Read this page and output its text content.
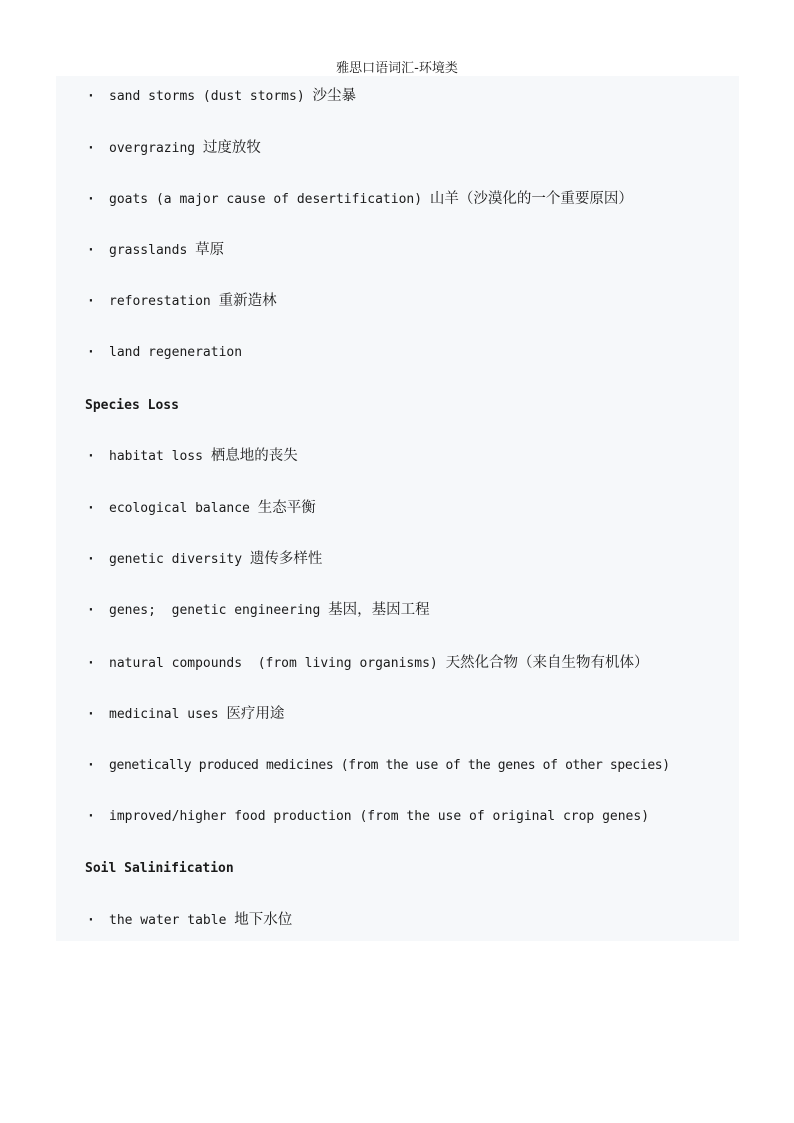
雅思口语词汇-环境类
· sand storms (dust storms) 沙尘暴
· overgrazing 过度放牧
· goats (a major cause of desertification) 山羊（沙漠化的一个重要原因）
· grasslands 草原
· reforestation 重新造林
· land regeneration
Species Loss
· habitat loss 栖息地的丧失
· ecological balance 生态平衡
· genetic diversity 遗传多样性
· genes;  genetic engineering 基因，基因工程
· natural compounds  (from living organisms) 天然化合物（来自生物有机体）
· medicinal uses 医疗用途
· genetically produced medicines (from the use of the genes of other species)
· improved/higher food production (from the use of original crop genes)
Soil Salinification
· the water table 地下水位
